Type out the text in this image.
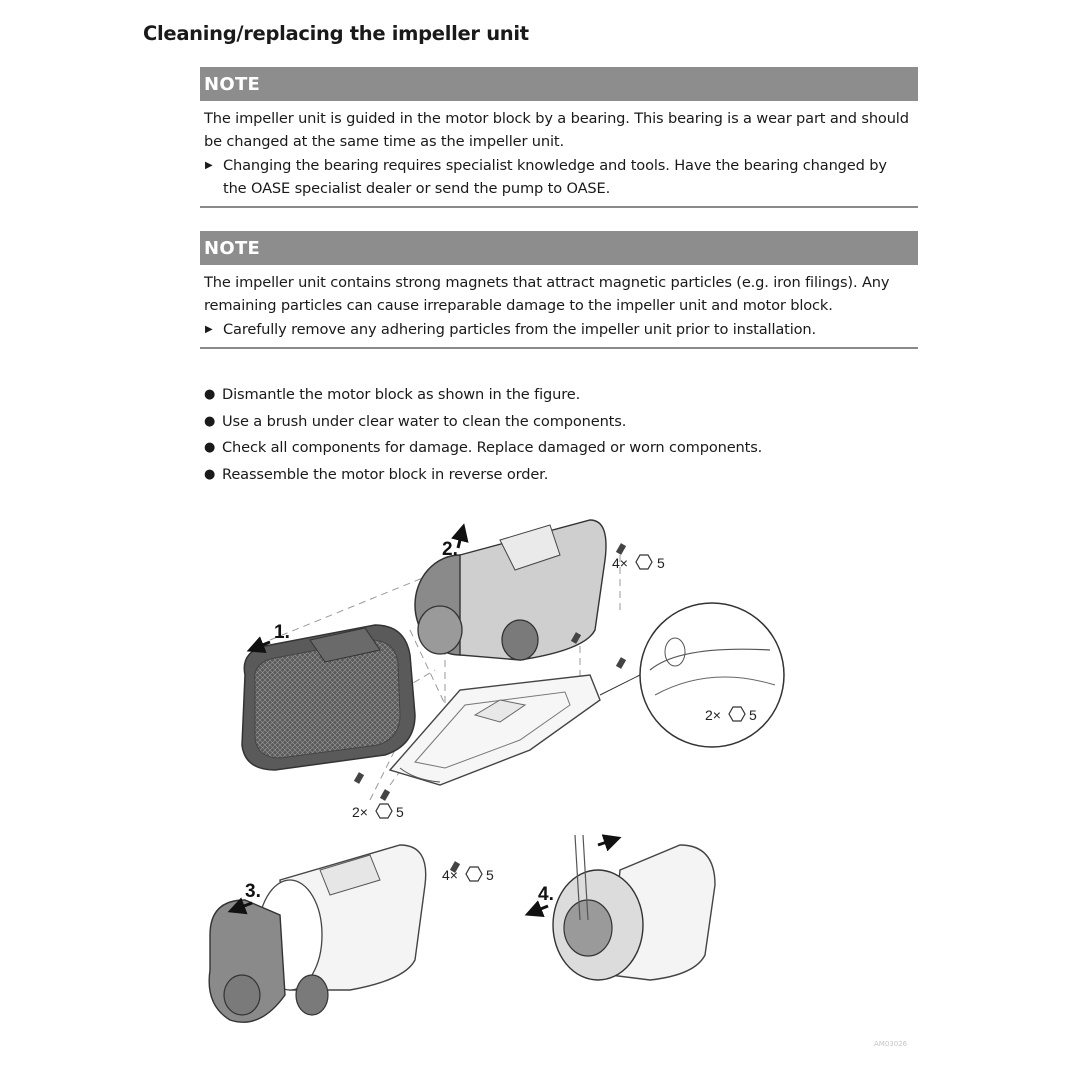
Cleaning/replacing the impeller unit
NOTE

The impeller unit is guided in the motor block by a bearing. This bearing is a wear part and should be changed at the same time as the impeller unit.

▶ Changing the bearing requires specialist knowledge and tools. Have the bearing changed by the OASE specialist dealer or send the pump to OASE.
NOTE

The impeller unit contains strong magnets that attract magnetic particles (e.g. iron filings). Any remaining particles can cause irreparable damage to the impeller unit and motor block.

▶ Carefully remove any adhering particles from the impeller unit prior to installation.
● Dismantle the motor block as shown in the figure.
● Use a brush under clear water to clean the components.
● Check all components for damage. Replace damaged or worn components.
● Reassemble the motor block in reverse order.
1.
2.
3.	4.
4× 5
2× 5
2× 5
4× 5
AM03026
